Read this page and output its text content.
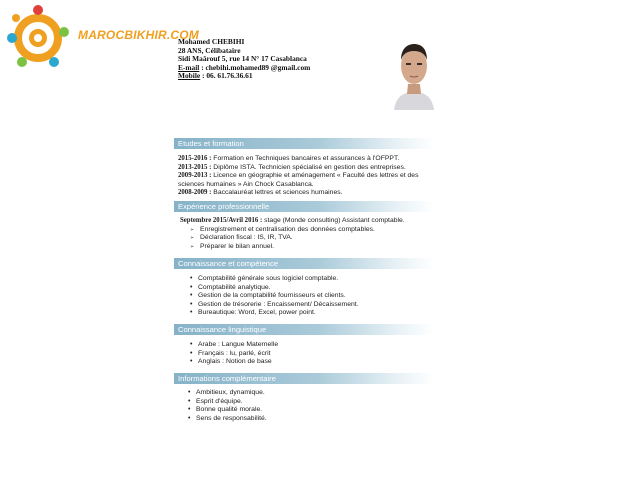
MAROCBIKHIR.COM
Mohamed CHEBIHI
28 ANS, Célibataire
Sidi Maârouf 5, rue 14 N° 17 Casablanca
E-mail : chebihi.mohamed89 @gmail.com
Mobile : 06. 61.76.36.61
Etudes et formation
2015-2016 : Formation en Techniques bancaires et assurances à l'OFPPT.
2013-2015 : Diplôme ISTA. Technicien spécialisé en gestion des entreprises.
2009-2013 : Licence en géographie et aménagement « Faculté des lettres et des
sciences humaines » Ain Chock Casablanca.
2008-2009 : Baccalauréat lettres et sciences humaines.
Expérience professionnelle
Septembre 2015/Avril 2016 : stage (Monde consulting) Assistant comptable.
➢ Enregistrement et centralisation des données comptables.
➢ Déclaration fiscal : IS, IR, TVA.
➢ Préparer le bilan annuel.
Connaissance et compétence
• Comptabilité générale sous logiciel comptable.
• Comptabilité analytique.
• Gestion de la comptabilité fournisseurs et clients.
• Gestion de trésorerie : Encaissement/ Décaissement.
• Bureautique: Word, Excel, power point.
Connaissance linguistique
• Arabe : Langue Maternelle
• Français : lu, parlé, écrit
• Anglais : Notion de base
Informations complémentaire
• Ambitieux, dynamique.
• Esprit d'équipe.
• Bonne qualité morale.
• Sens de responsabilité.
